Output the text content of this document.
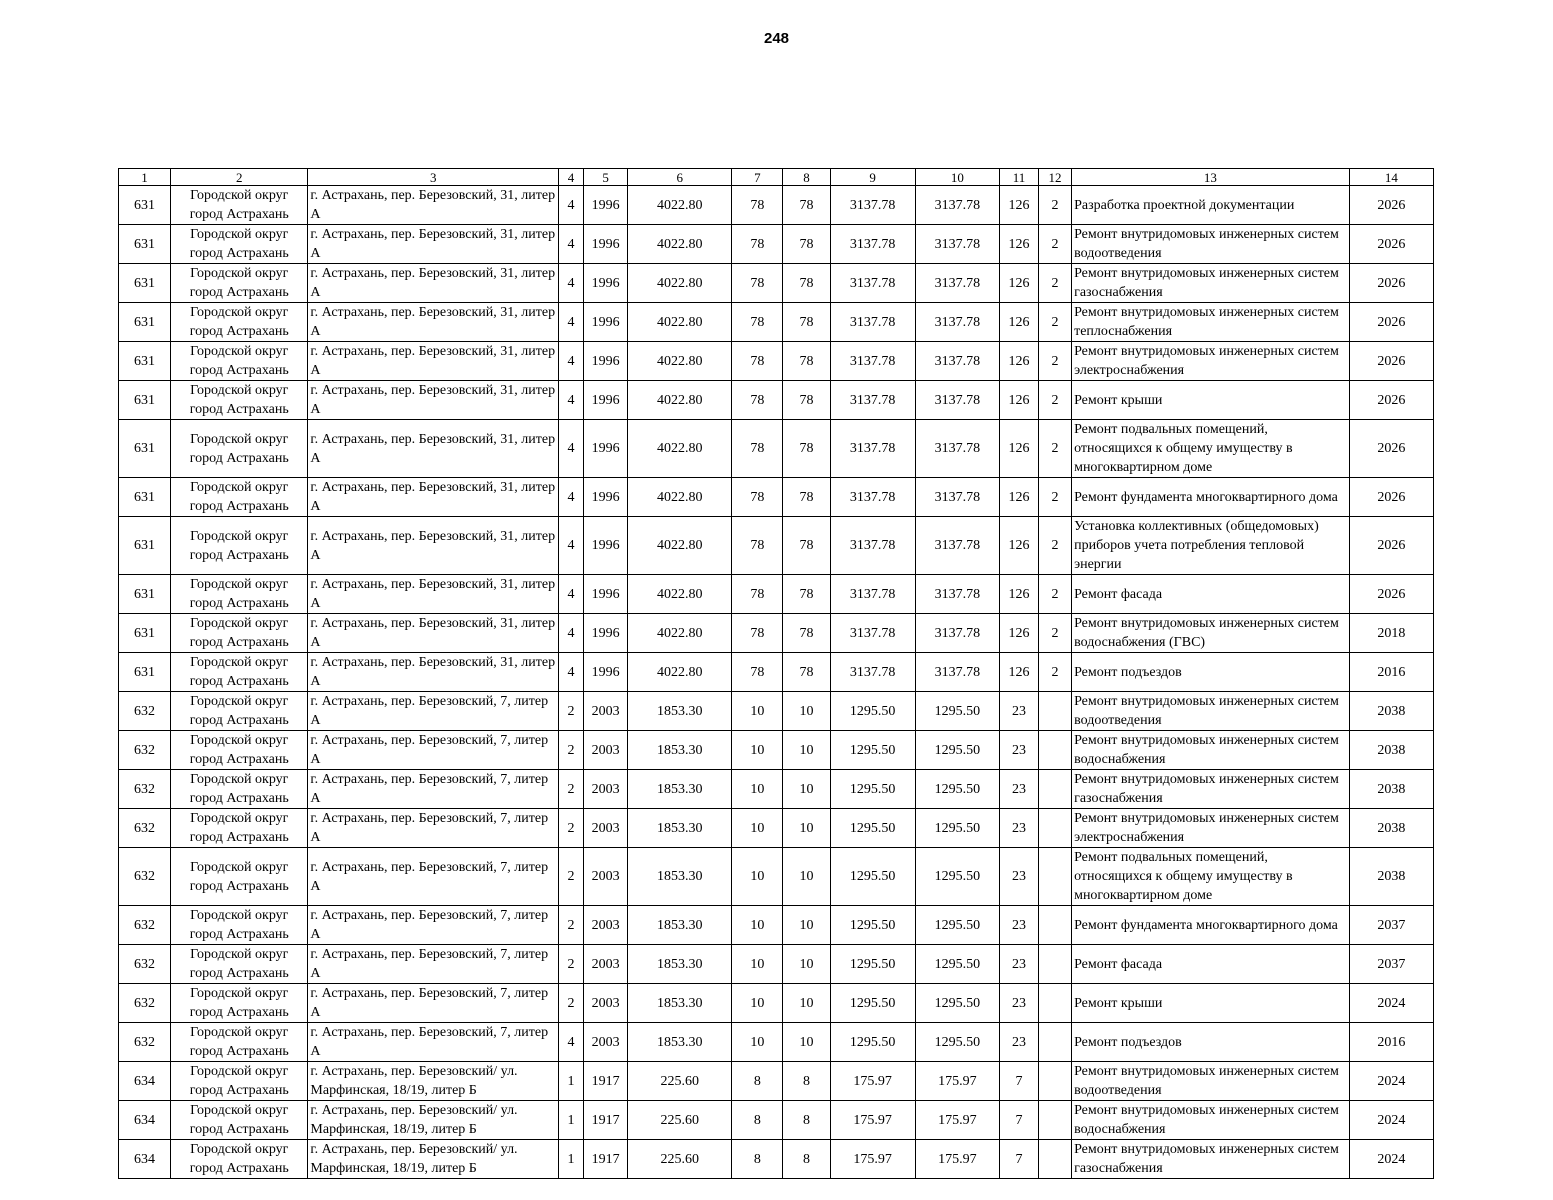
248
1	2	3	4	5	6	7	8	9	10	11	12	13	14
631	Городской округ город Астрахань	г. Астрахань, пер. Березовский, 31, литер А	4	1996	4022.80	78	78	3137.78	3137.78	126	2	Разработка проектной документации	2026
631	Городской округ город Астрахань	г. Астрахань, пер. Березовский, 31, литер А	4	1996	4022.80	78	78	3137.78	3137.78	126	2	Ремонт внутридомовых инженерных систем водоотведения	2026
631	Городской округ город Астрахань	г. Астрахань, пер. Березовский, 31, литер А	4	1996	4022.80	78	78	3137.78	3137.78	126	2	Ремонт внутридомовых инженерных систем газоснабжения	2026
631	Городской округ город Астрахань	г. Астрахань, пер. Березовский, 31, литер А	4	1996	4022.80	78	78	3137.78	3137.78	126	2	Ремонт внутридомовых инженерных систем теплоснабжения	2026
631	Городской округ город Астрахань	г. Астрахань, пер. Березовский, 31, литер А	4	1996	4022.80	78	78	3137.78	3137.78	126	2	Ремонт внутридомовых инженерных систем электроснабжения	2026
631	Городской округ город Астрахань	г. Астрахань, пер. Березовский, 31, литер А	4	1996	4022.80	78	78	3137.78	3137.78	126	2	Ремонт крыши	2026
631	Городской округ город Астрахань	г. Астрахань, пер. Березовский, 31, литер А	4	1996	4022.80	78	78	3137.78	3137.78	126	2	Ремонт подвальных помещений, относящихся к общему имуществу в многоквартирном доме	2026
631	Городской округ город Астрахань	г. Астрахань, пер. Березовский, 31, литер А	4	1996	4022.80	78	78	3137.78	3137.78	126	2	Ремонт фундамента многоквартирного дома	2026
631	Городской округ город Астрахань	г. Астрахань, пер. Березовский, 31, литер А	4	1996	4022.80	78	78	3137.78	3137.78	126	2	Установка коллективных (общедомовых) приборов учета потребления тепловой энергии	2026
631	Городской округ город Астрахань	г. Астрахань, пер. Березовский, 31, литер А	4	1996	4022.80	78	78	3137.78	3137.78	126	2	Ремонт фасада	2026
631	Городской округ город Астрахань	г. Астрахань, пер. Березовский, 31, литер А	4	1996	4022.80	78	78	3137.78	3137.78	126	2	Ремонт внутридомовых инженерных систем водоснабжения (ГВС)	2018
631	Городской округ город Астрахань	г. Астрахань, пер. Березовский, 31, литер А	4	1996	4022.80	78	78	3137.78	3137.78	126	2	Ремонт подъездов	2016
632	Городской округ город Астрахань	г. Астрахань, пер. Березовский, 7, литер А	2	2003	1853.30	10	10	1295.50	1295.50	23		Ремонт внутридомовых инженерных систем водоотведения	2038
632	Городской округ город Астрахань	г. Астрахань, пер. Березовский, 7, литер А	2	2003	1853.30	10	10	1295.50	1295.50	23		Ремонт внутридомовых инженерных систем водоснабжения	2038
632	Городской округ город Астрахань	г. Астрахань, пер. Березовский, 7, литер А	2	2003	1853.30	10	10	1295.50	1295.50	23		Ремонт внутридомовых инженерных систем газоснабжения	2038
632	Городской округ город Астрахань	г. Астрахань, пер. Березовский, 7, литер А	2	2003	1853.30	10	10	1295.50	1295.50	23		Ремонт внутридомовых инженерных систем электроснабжения	2038
632	Городской округ город Астрахань	г. Астрахань, пер. Березовский, 7, литер А	2	2003	1853.30	10	10	1295.50	1295.50	23		Ремонт подвальных помещений, относящихся к общему имуществу в многоквартирном доме	2038
632	Городской округ город Астрахань	г. Астрахань, пер. Березовский, 7, литер А	2	2003	1853.30	10	10	1295.50	1295.50	23		Ремонт фундамента многоквартирного дома	2037
632	Городской округ город Астрахань	г. Астрахань, пер. Березовский, 7, литер А	2	2003	1853.30	10	10	1295.50	1295.50	23		Ремонт фасада	2037
632	Городской округ город Астрахань	г. Астрахань, пер. Березовский, 7, литер А	2	2003	1853.30	10	10	1295.50	1295.50	23		Ремонт крыши	2024
632	Городской округ город Астрахань	г. Астрахань, пер. Березовский, 7, литер А	4	2003	1853.30	10	10	1295.50	1295.50	23		Ремонт подъездов	2016
634	Городской округ город Астрахань	г. Астрахань, пер. Березовский/ ул. Марфинская, 18/19, литер Б	1	1917	225.60	8	8	175.97	175.97	7		Ремонт внутридомовых инженерных систем водоотведения	2024
634	Городской округ город Астрахань	г. Астрахань, пер. Березовский/ ул. Марфинская, 18/19, литер Б	1	1917	225.60	8	8	175.97	175.97	7		Ремонт внутридомовых инженерных систем водоснабжения	2024
634	Городской округ город Астрахань	г. Астрахань, пер. Березовский/ ул. Марфинская, 18/19, литер Б	1	1917	225.60	8	8	175.97	175.97	7		Ремонт внутридомовых инженерных систем газоснабжения	2024
